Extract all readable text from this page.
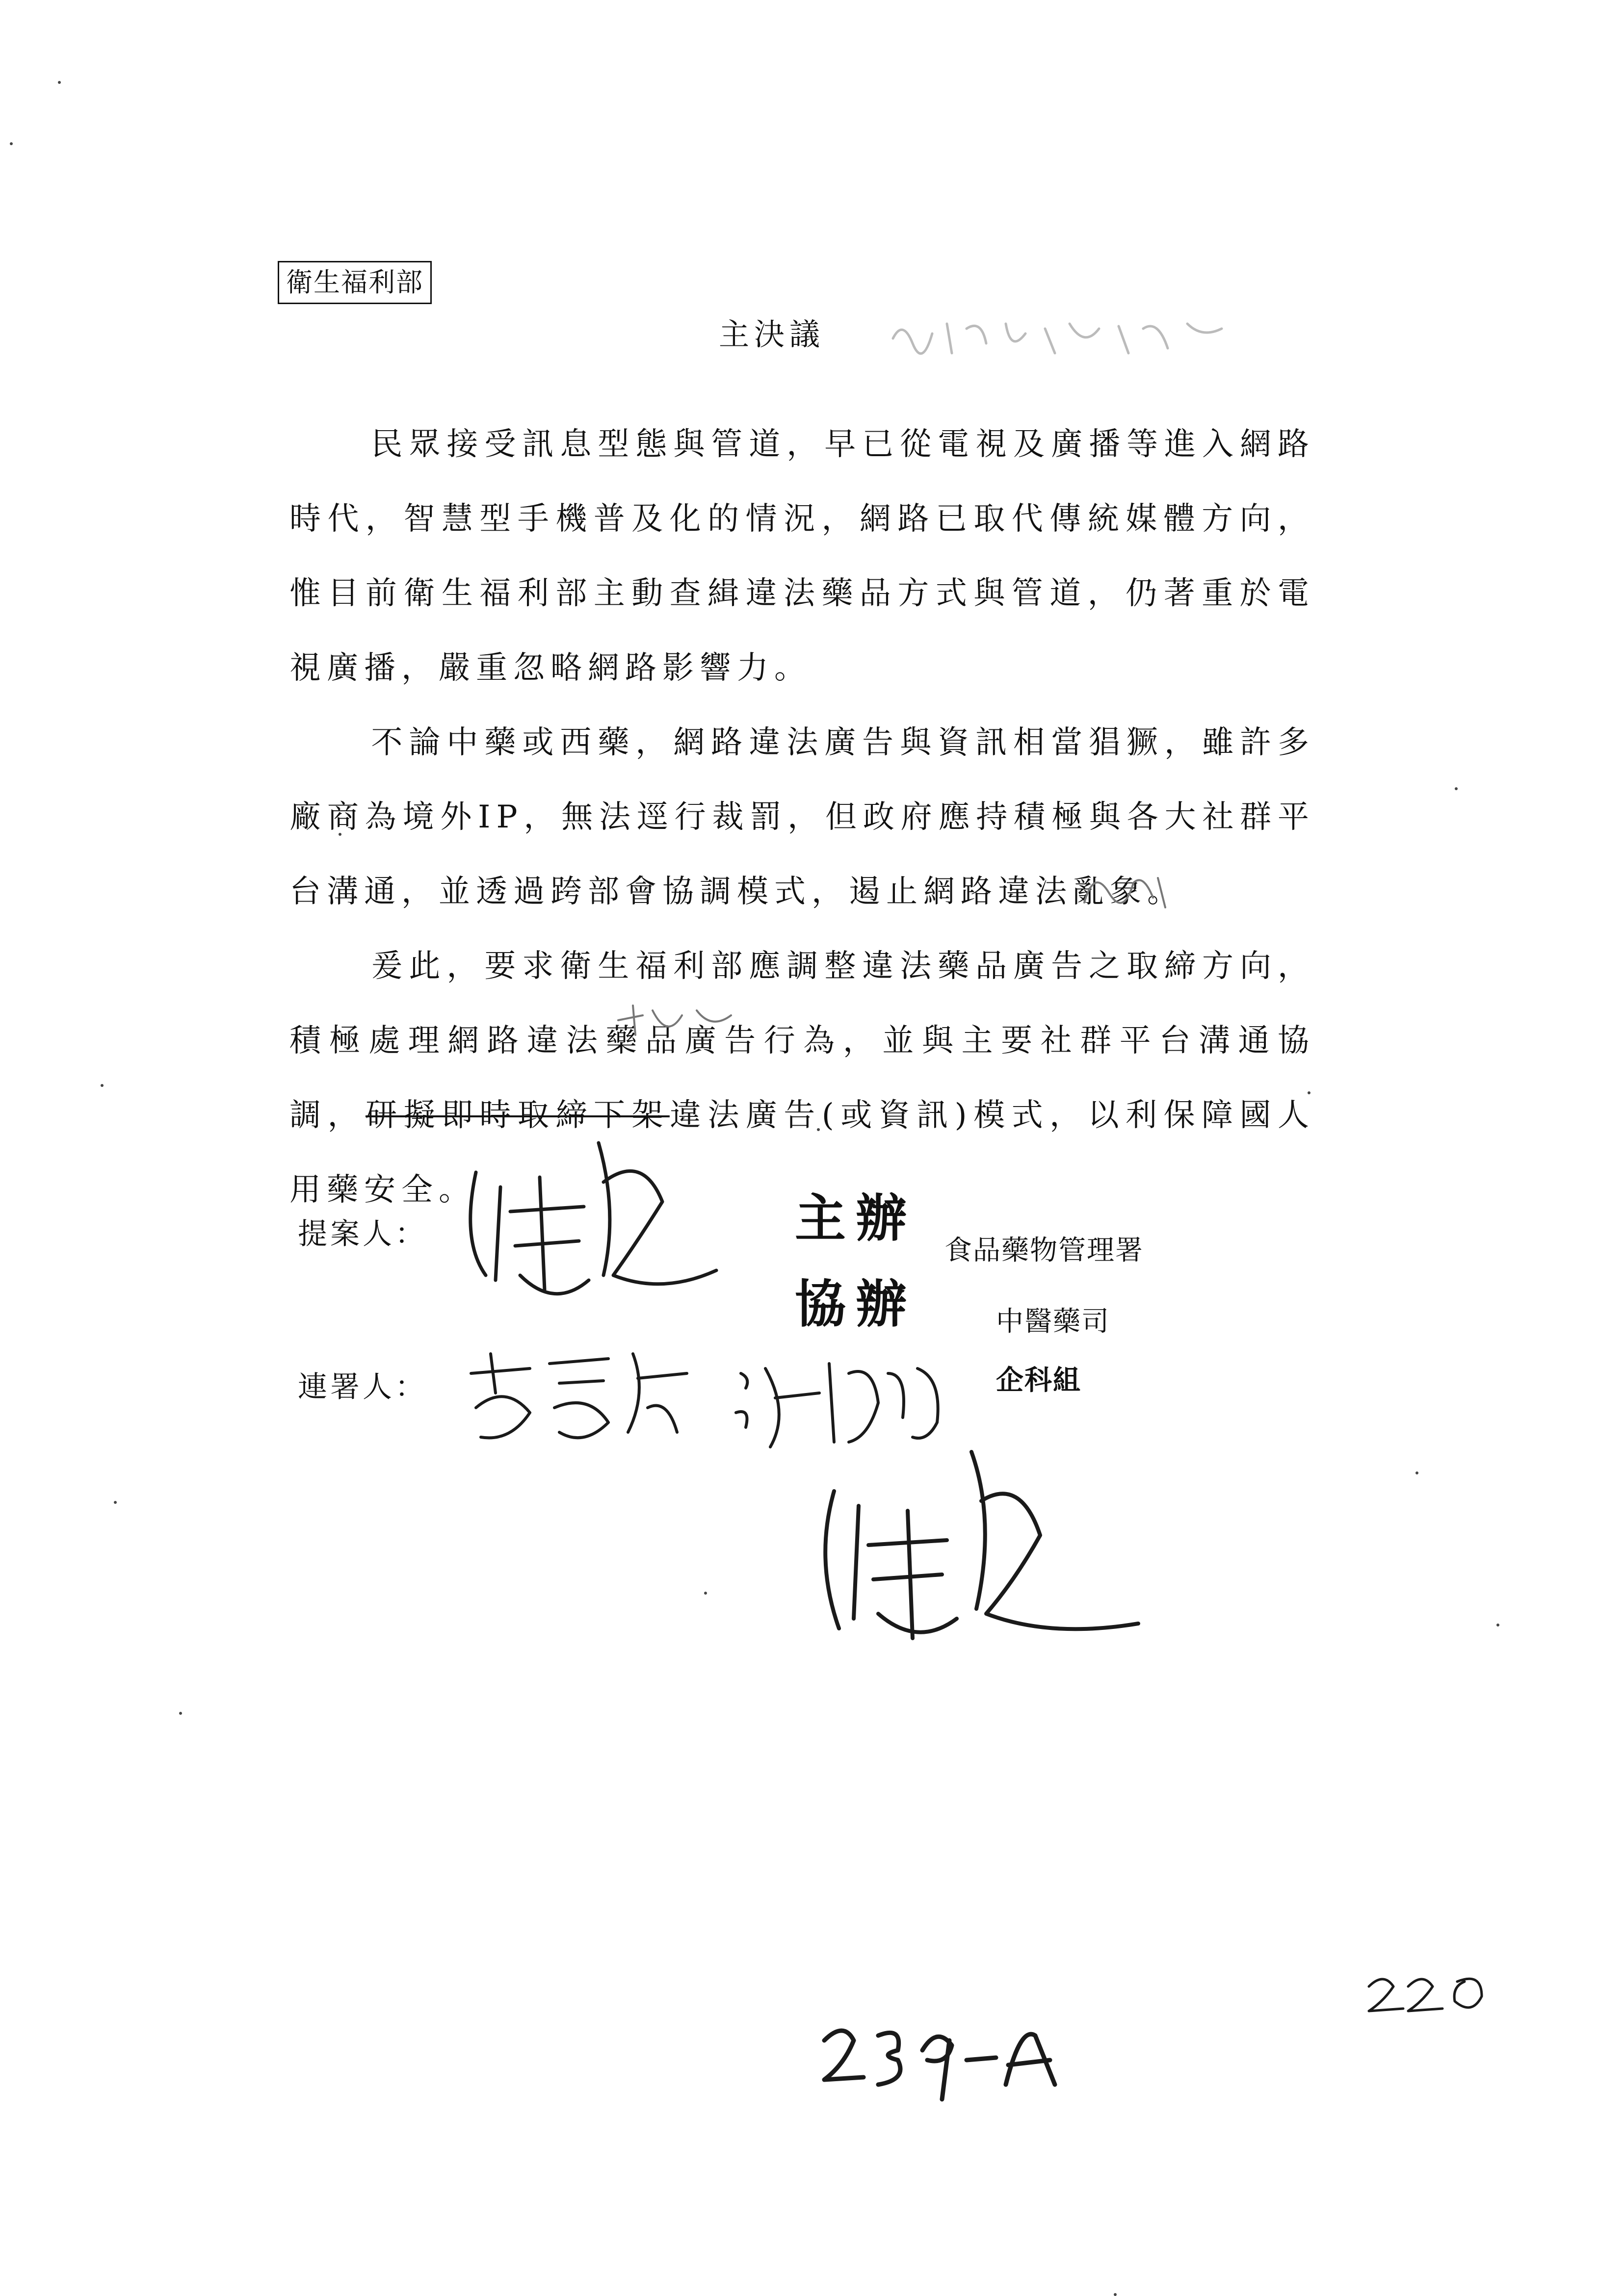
衛生福利部
主決議

民眾接受訊息型態與管道，早已從電視及廣播等進入網路時代，智慧型手機普及化的情況，網路已取代傳統媒體方向，惟目前衛生福利部主動查緝違法藥品方式與管道，仍著重於電視廣播，嚴重忽略網路影響力。

不論中藥或西藥，網路違法廣告與資訊相當猖獗，雖許多廠商為境外IP，無法逕行裁罰，但政府應持積極與各大社群平台溝通，並透過跨部會協調模式，遏止網路違法亂象。

爰此，要求衛生福利部應調整違法藥品廣告之取締方向，積極處理網路違法藥品廣告行為，並與主要社群平台溝通協調，研擬即時取締下架違法廣告(或資訊)模式，以利保障國人用藥安全。

提案人：	主辦
食品藥物管理署
協辦	中醫藥司
企科組
連署人：
